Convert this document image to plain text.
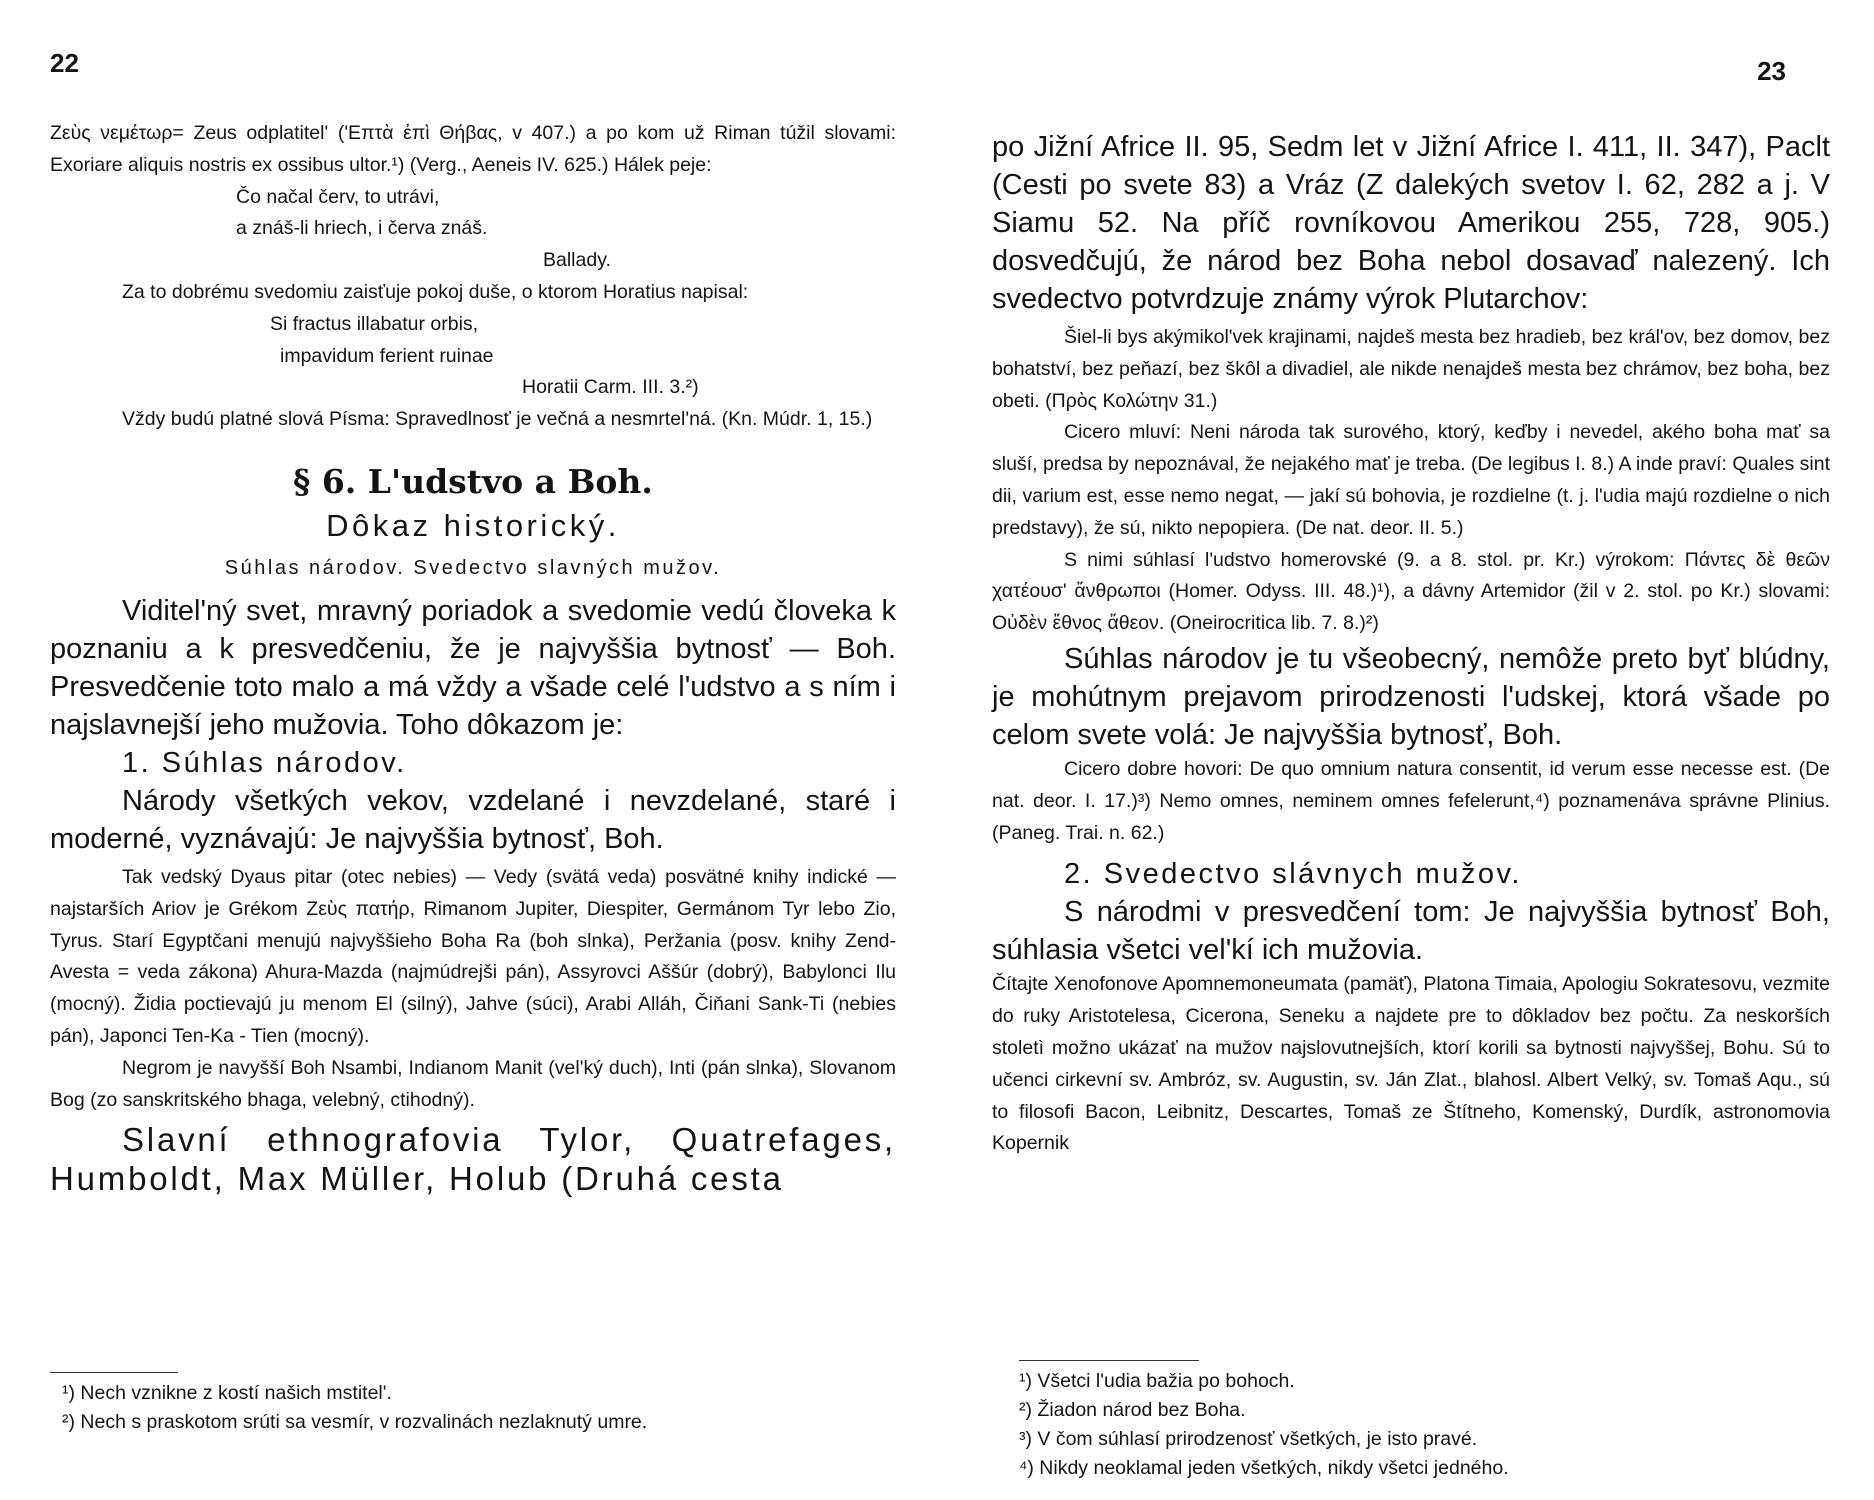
22

Ζεὺς νεμέτωρ= Zeus odplatitel' ('Επτὰ ἐπὶ Θήβας, v 407.) a po kom už Riman túžil slovami: Exoriare aliquis nostris ex ossibus ultor.¹) (Verg., Aeneis IV. 625.) Hálek peje:

Čo načal červ, to utrávi,
a znáš-li hriech, i červa znáš.

Ballady.

Za to dobrému svedomiu zaisťuje pokoj duše, o ktorom Horatius napisal:

Si fractus illabatur orbis,
impavidum ferient ruinae

Horatii Carm. III. 3.²)

Vždy budú platné slová Písma: Spravedlnosť je večná a nesmrtel'ná. (Kn. Múdr. 1, 15.)

§ 6. L'udstvo a Boh.
Dôkaz historický.
Súhlas národov. Svedectvo slavných mužov.

Viditel'ný svet, mravný poriadok a svedomie vedú človeka k poznaniu a k presvedčeniu, že je najvyššia bytnosť — Boh. Presvedčenie toto malo a má vždy a všade celé l'udstvo a s ním i najslavnejší jeho mužovia. Toho dôkazom je:

1. Súhlas národov.

Národy všetkých vekov, vzdelané i nevzdelané, staré i moderné, vyznávajú: Je najvyššia bytnosť, Boh.

Tak vedský Dyaus pitar (otec nebies) — Vedy (svätá veda) posvätné knihy indické — najstarších Ariov je Grékom Ζεὺς πατήρ, Rimanom Jupiter, Diespiter, Germánom Tyr lebo Zio, Tyrus. Starí Egyptčani menujú najvyššieho Boha Ra (boh slnka), Peržania (posv. knihy Zend-Avesta = veda zákona) Ahura-Mazda (najmúdrejši pán), Assyrovci Aššúr (dobrý), Babylonci Ilu (mocný). Židia poctievajú ju menom El (silný), Jahve (súci), Arabi Alláh, Čiňani Sank-Ti (nebies pán), Japonci Ten-Ka - Tien (mocný).

Negrom je navyšší Boh Nsambi, Indianom Manit (vel'ký duch), Inti (pán slnka), Slovanom Bog (zo sanskritského bhaga, velebný, ctihodný).

Slavní ethnografovia Tylor, Quatrefages, Humboldt, Max Müller, Holub (Druhá cesta

¹) Nech vznikne z kostí našich mstitel'.
²) Nech s praskotom srúti sa vesmír, v rozvalinách nezlaknutý umre.
23

po Jižní Africe II. 95, Sedm let v Jižní Africe I. 411, II. 347), Paclt (Cesti po svete 83) a Vráz (Z dalekých svetov I. 62, 282 a j. V Siamu 52. Na příč rovníkovou Amerikou 255, 728, 905.) dosvedčujú, že národ bez Boha nebol dosavaď nalezený. Ich svedectvo potvrdzuje známy výrok Plutarchov:

Šiel-li bys akýmikol'vek krajinami, najdeš mesta bez hradieb, bez král'ov, bez domov, bez bohatství, bez peňazí, bez škôl a divadiel, ale nikde nenajdeš mesta bez chrámov, bez boha, bez obeti. (Πρὸς Κολώτην 31.)

Cicero mluví: Neni národa tak surového, ktorý, keďby i nevedel, akého boha mať sa sluší, predsa by nepoznával, že nejakého mať je treba. (De legibus I. 8.) A inde praví: Quales sint dii, varium est, esse nemo negat, — jakí sú bohovia, je rozdielne (t. j. l'udia majú rozdielne o nich predstavy), že sú, nikto nepopiera. (De nat. deor. II. 5.)

S nimi súhlasí l'udstvo homerovské (9. a 8. stol. pr. Kr.) výrokom: Πάντες δὲ θεῶν χατέουσ' ἄνθρωποι (Homer. Odyss. III. 48.)¹), a dávny Artemidor (žil v 2. stol. po Kr.) slovami: Οὐδὲν ἔθνος ἄθεον. (Oneirocritica lib. 7. 8.)²)

Súhlas národov je tu všeobecný, nemôže preto byť blúdny, je mohútnym prejavom prirodzenosti l'udskej, ktorá všade po celom svete volá: Je najvyššia bytnosť, Boh.

Cicero dobre hovori: De quo omnium natura consentit, id verum esse necesse est. (De nat. deor. I. 17.)³) Nemo omnes, neminem omnes fefelerunt,⁴) poznamenáva správne Plinius. (Paneg. Trai. n. 62.)

2. Svedectvo slávnych mužov.

S národmi v presvedčení tom: Je najvyššia bytnosť Boh, súhlasia všetci vel'kí ich mužovia.

Čítajte Xenofonove Apomnemoneumata (pamäť), Platona Timaia, Apologiu Sokratesovu, vezmite do ruky Aristotelesa, Cicerona, Seneku a najdete pre to dôkladov bez počtu. Za neskorších stoletì možno ukázať na mužov najslovutnejších, ktorí korili sa bytnosti najvyššej, Bohu. Sú to učenci cirkevní sv. Ambróz, sv. Augustin, sv. Ján Zlat., blahosl. Albert Velký, sv. Tomaš Aqu., sú to filosofi Bacon, Leibnitz, Descartes, Tomaš ze Štítneho, Komenský, Durdík, astronomovia Kopernik

¹) Všetci l'udia bažia po bohoch.
²) Žiadon národ bez Boha.
³) V čom súhlasí prirodzenosť všetkých, je isto pravé.
⁴) Nikdy neoklamal jeden všetkých, nikdy všetci jedného.
